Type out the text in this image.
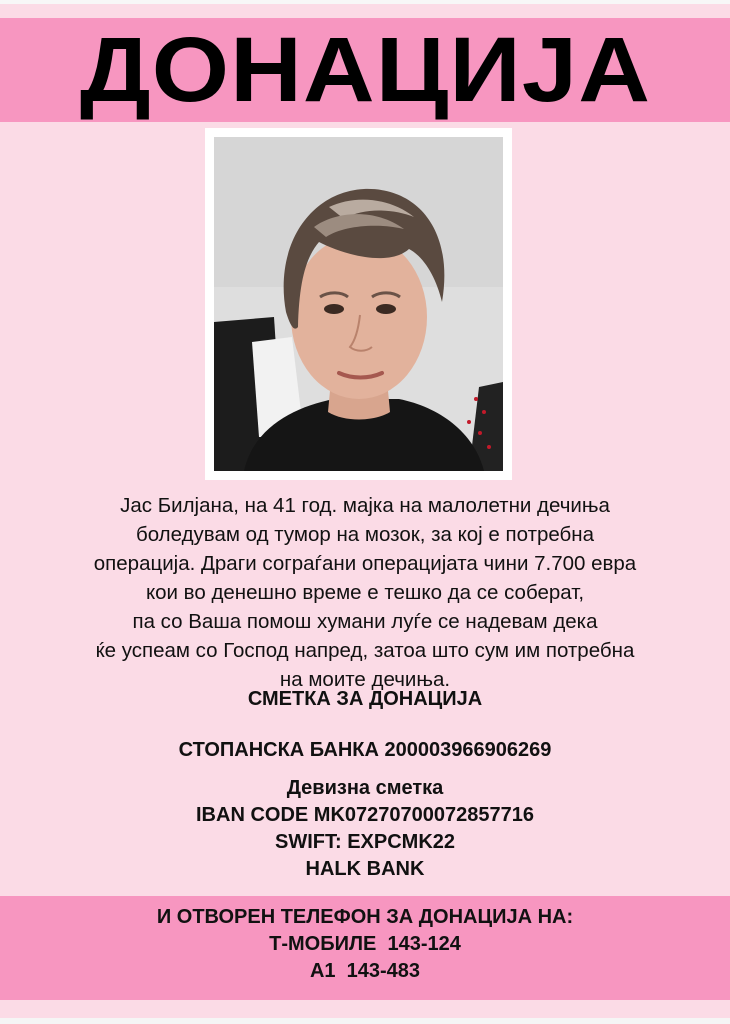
ДОНАЦИЈА
Јас Билјана, на 41 год. мајка на малолетни дечиња
боледувам од тумор на мозок, за кој е потребна
операција. Драги сограѓани операцијата чини 7.700 евра
кои во денешно време е тешко да се соберат,
па со Ваша помош хумани луѓе се надевам дека
ќе успеам со Господ напред, затоа што сум им потребна
на моите дечиња.
СМЕТКА ЗА ДОНАЦИЈА
СТОПАНСКА БАНКА 200003966906269
Девизна сметка
IBAN CODE MK07270700072857716
SWIFT: EXPCMK22
HALK BANK
И ОТВОРЕН ТЕЛЕФОН ЗА ДОНАЦИЈА НА:
Т-МОБИЛЕ  143-124
А1  143-483
